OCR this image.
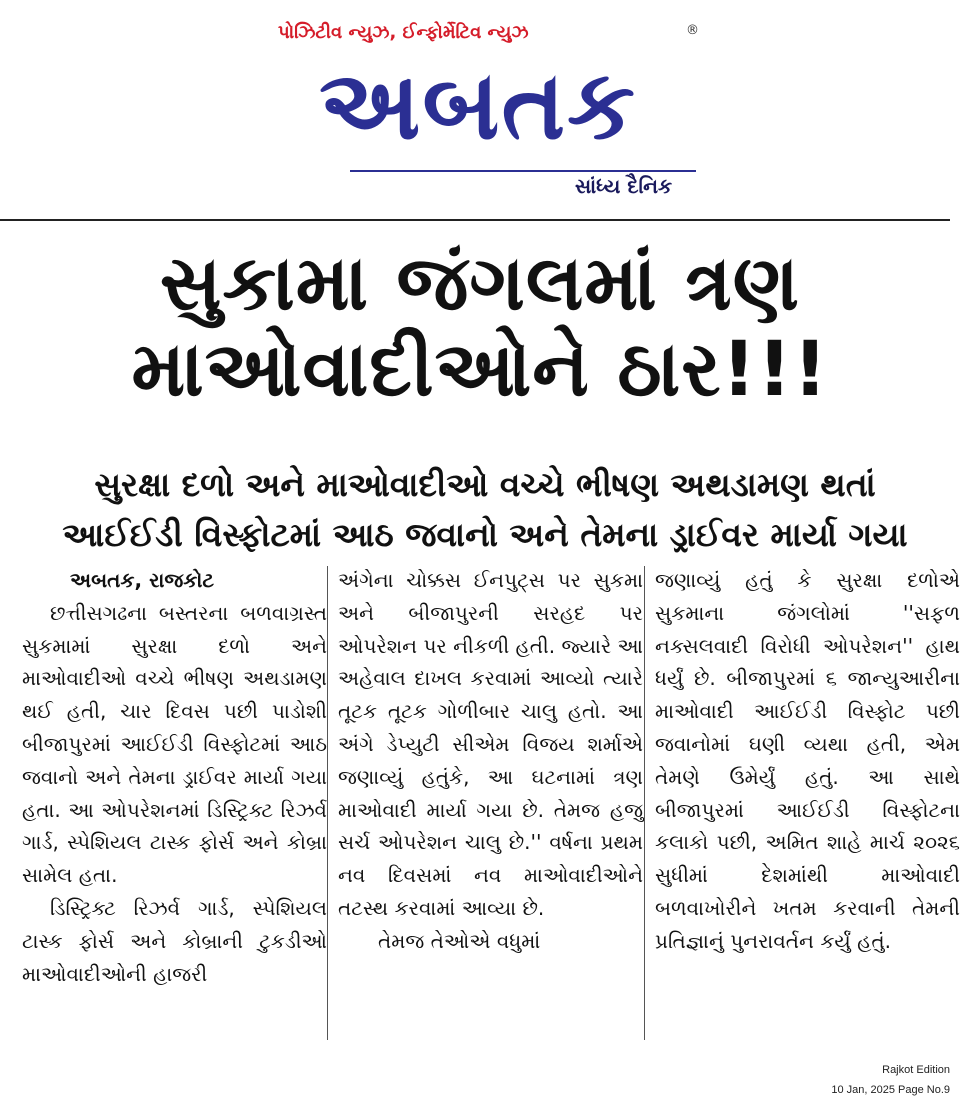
પોઝિટીવ ન્યુઝ, ઈન્ફોર્મેટિવ ન્યુઝ	®
અબતક
સાંધ્ય દૈનિક
સુકામા જંગલમાં ત્રણ
માઓવાદીઓને ઠાર!!!
સુરક્ષા દળો અને માઓવાદીઓ વચ્ચે ભીષણ અથડામણ થતાં
આઈઈડી વિસ્ફોટમાં આઠ જવાનો અને તેમના ડ્રાઈવર માર્યા ગયા

અબતક, રાજકોટ

છત્તીસગઢના બસ્તરના બળવાગ્રસ્ત સુકમામાં સુરક્ષા દળો અને માઓવાદીઓ વચ્ચે ભીષણ અથડામણ થઈ હતી, ચાર દિવસ પછી પાડોશી બીજાપુરમાં આઈઈડી વિસ્ફોટમાં આઠ જવાનો અને તેમના ડ્રાઈવર માર્યા ગયા હતા. આ ઓપરેશનમાં ડિસ્ટ્રિક્ટ રિઝર્વ ગાર્ડ, સ્પેશિયલ ટાસ્ક ફોર્સ અને કોબ્રા સામેલ હતા.

ડિસ્ટ્રિક્ટ રિઝર્વ ગાર્ડ, સ્પેશિયલ ટાસ્ક ફોર્સ અને કોબ્રાની ટુકડીઓ માઓવાદીઓની હાજરી

અંગેના ચોક્કસ ઈનપુટ્સ પર સુકમા અને બીજાપુરની સરહદ પર ઓપરેશન પર નીકળી હતી. જ્યારે આ અહેવાલ દાખલ કરવામાં આવ્યો ત્યારે તૂટક તૂટક ગોળીબાર ચાલુ હતો. આ અંગે ડેપ્યુટી સીએમ વિજય શર્માએ જણાવ્યું હતુંકે, આ ઘટનામાં ત્રણ માઓવાદી માર્યા ગયા છે. તેમજ હજુ સર્ચ ઓપરેશન ચાલુ છે.'' વર્ષના પ્રથમ નવ દિવસમાં નવ માઓવાદીઓને તટસ્થ કરવામાં આવ્યા છે.

તેમજ તેઓએ વધુમાં

જણાવ્યું હતું કે સુરક્ષા દળોએ સુકમાના જંગલોમાં ''સફળ નક્સલવાદી વિરોધી ઓપરેશન'' હાથ ધર્યું છે. બીજાપુરમાં ૬ જાન્યુઆરીના માઓવાદી આઈઈડી વિસ્ફોટ પછી જવાનોમાં ઘણી વ્યથા હતી, એમ તેમણે ઉમેર્યું હતું. આ સાથે બીજાપુરમાં આઈઈડી વિસ્ફોટના કલાકો પછી, અમિત શાહે માર્ચ ૨૦૨૬ સુધીમાં દેશમાંથી માઓવાદી બળવાખોરીને ખતમ કરવાની તેમની પ્રતિજ્ઞાનું પુનરાવર્તન કર્યું હતું.

Rajkot Edition
10 Jan, 2025 Page No.9
